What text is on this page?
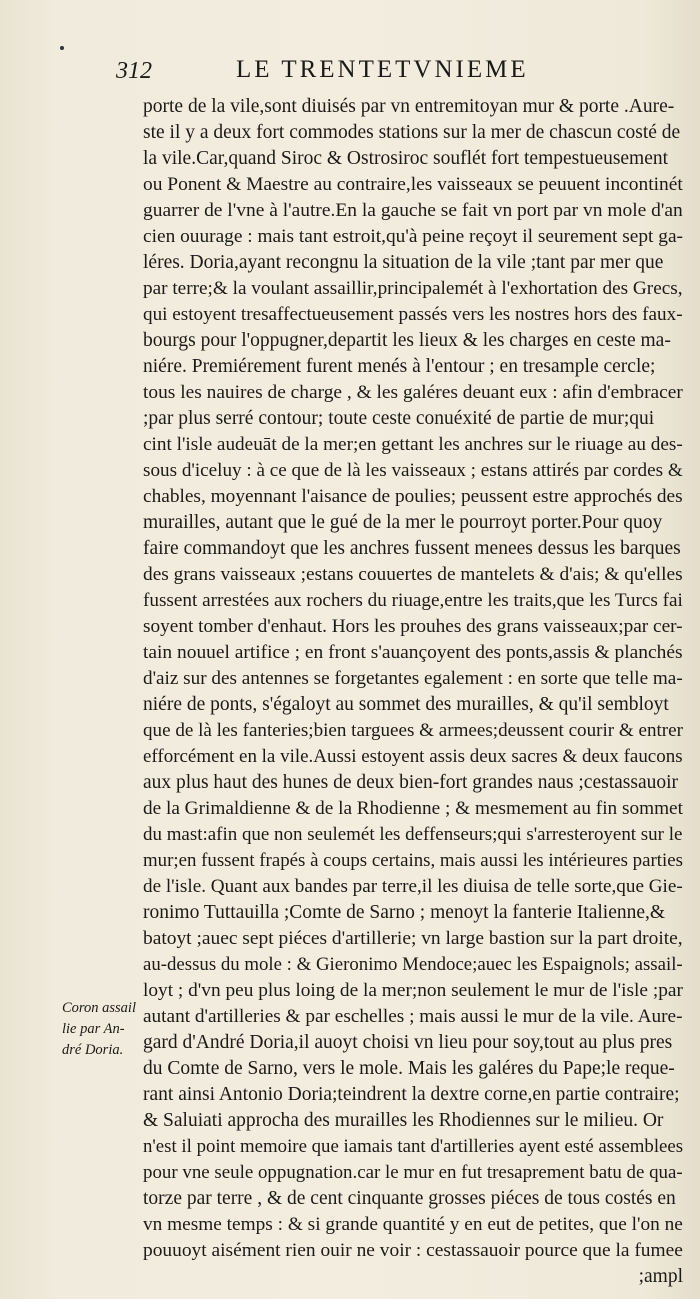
312	LE TRENTETVNIEME
Coron assail
lie par An-
dré Doria.
porte de la vile,sont diuisés par vn entremitoyan mur & porte .Aure-
ste il y a deux fort commodes stations sur la mer de chascun costé de
la vile.Car,quand Siroc & Ostrosiroc souflét fort tempestueusement
ou Ponent & Maestre au contraire,les vaisseaux se peuuent incontinét
guarrer de l'vne à l'autre.En la gauche se fait vn port par vn mole d'an
cien ouurage : mais tant estroit,qu'à peine reçoyt il seurement sept ga-
léres. Doria,ayant recongnu la situation de la vile ;tant par mer que
par terre;& la voulant assaillir,principalemét à l'exhortation des Grecs,
qui estoyent tresaffectueusement passés vers les nostres hors des faux-
bourgs pour l'oppugner,departit les lieux & les charges en ceste ma-
niére. Premiérement furent menés à l'entour ; en tresample cercle;
tous les nauires de charge , & les galéres deuant eux : afin d'embracer
;par plus serré contour; toute ceste conuéxité de partie de mur;qui
cint l'isle audeuāt de la mer;en gettant les anchres sur le riuage au des-
sous d'iceluy : à ce que de là les vaisseaux ; estans attirés par cordes &
chables, moyennant l'aisance de poulies; peussent estre approchés des
murailles, autant que le gué de la mer le pourroyt porter.Pour quoy
faire commandoyt que les anchres fussent menees dessus les barques
des grans vaisseaux ;estans couuertes de mantelets & d'ais; & qu'elles
fussent arrestées aux rochers du riuage,entre les traits,que les Turcs fai
soyent tomber d'enhaut. Hors les prouhes des grans vaisseaux;par cer-
tain nouuel artifice ; en front s'auançoyent des ponts,assis & planchés
d'aiz sur des antennes se forgetantes egalement : en sorte que telle ma-
niére de ponts, s'égaloyt au sommet des murailles, & qu'il sembloyt
que de là les fanteries;bien targuees & armees;deussent courir & entrer
efforcément en la vile.Aussi estoyent assis deux sacres & deux faucons
aux plus haut des hunes de deux bien-fort grandes naus ;cestassauoir
de la Grimaldienne & de la Rhodienne ; & mesmement au fin sommet
du mast:afin que non seulemét les deffenseurs;qui s'arresteroyent sur le
mur;en fussent frapés à coups certains, mais aussi les intérieures parties
de l'isle. Quant aux bandes par terre,il les diuisa de telle sorte,que Gie-
ronimo Tuttauilla ;Comte de Sarno ; menoyt la fanterie Italienne,&
batoyt ;auec sept piéces d'artillerie; vn large bastion sur la part droite,
au-dessus du mole : & Gieronimo Mendoce;auec les Espaignols; assail-
loyt ; d'vn peu plus loing de la mer;non seulement le mur de l'isle ;par
autant d'artilleries & par eschelles ; mais aussi le mur de la vile. Aure-
gard d'André Doria,il auoyt choisi vn lieu pour soy,tout au plus pres
du Comte de Sarno, vers le mole. Mais les galéres du Pape;le reque-
rant ainsi Antonio Doria;teindrent la dextre corne,en partie contraire;
& Saluiati approcha des murailles les Rhodiennes sur le milieu. Or
n'est il point memoire que iamais tant d'artilleries ayent esté assemblees
pour vne seule oppugnation.car le mur en fut tresaprement batu de qua-
torze par terre , & de cent cinquante grosses piéces de tous costés en
vn mesme temps : & si grande quantité y en eut de petites, que l'on ne
pouuoyt aisément rien ouir ne voir : cestassauoir pource que la fumee
;ampl
